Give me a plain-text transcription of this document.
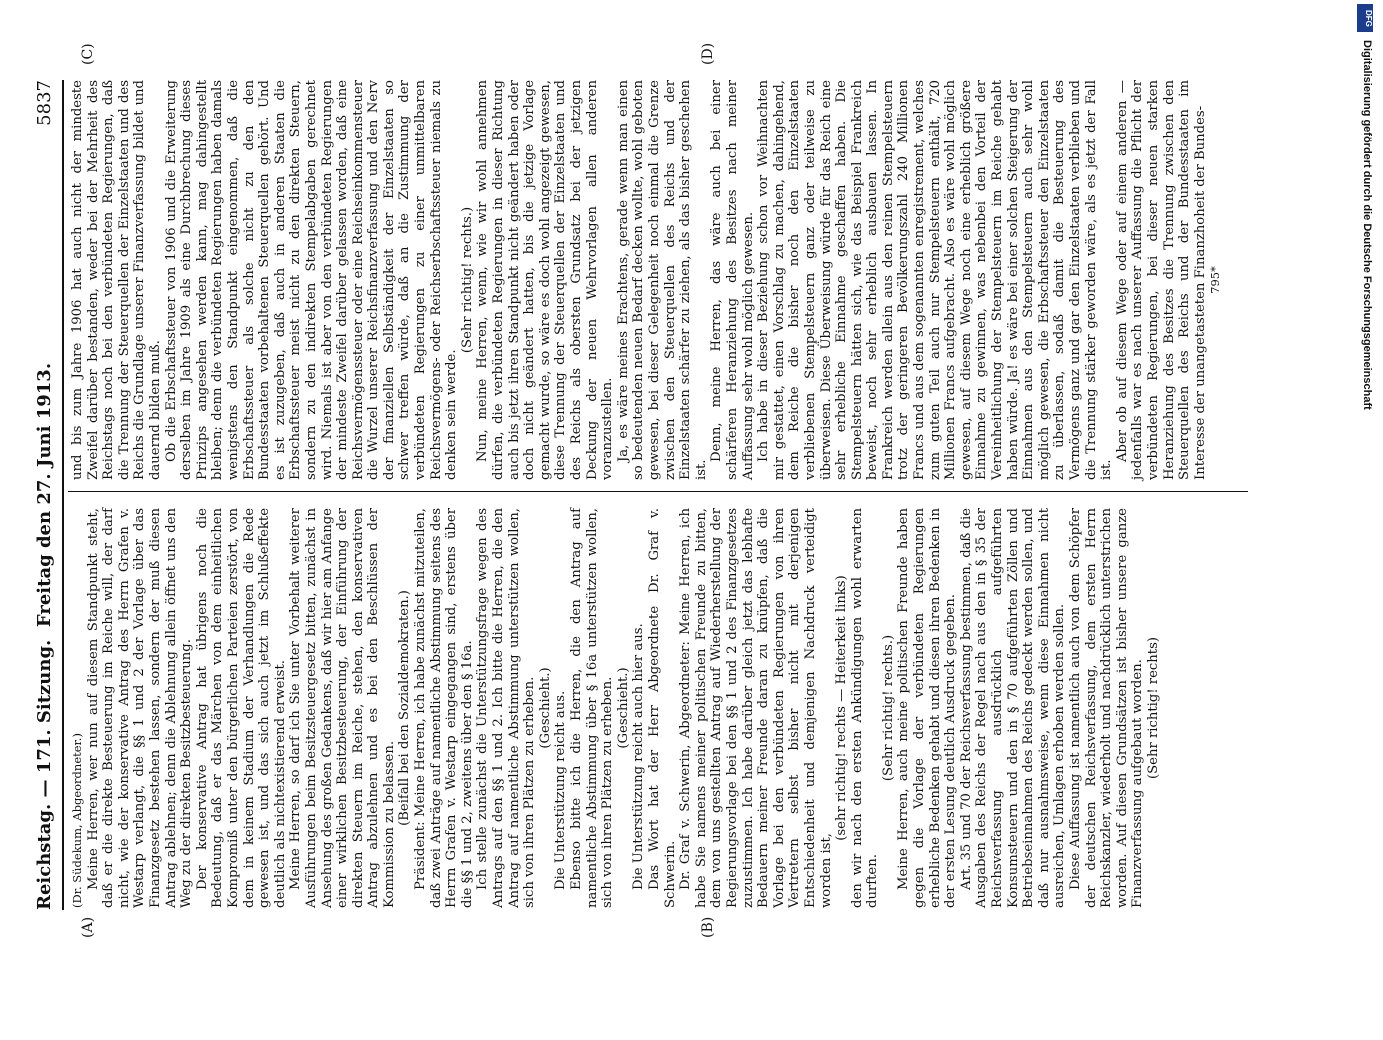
Reichstag. — 171. Sitzung.
Freitag den 27. Juni 1913.
5837
(A)	(B)
(C)	(D)

(Dr. Südekum, Abgeordneter.) Meine Herren, wer nun auf diesem Standpunkt steht, daß er die direkte Besteuerung im Reiche will, der darf nicht, wie der konservative Antrag des Herrn Grafen v. Westarp verlangt, die §§ 1 und 2 der Vorlage über das Finanzgesetz bestehen lassen, sondern der muß diesen Antrag ablehnen; denn die Ablehnung allein öffnet uns den Weg zu der direkten Besitzbesteuerung. Der konservative Antrag hat übrigens noch die Bedeutung, daß er das Märchen von dem einheitlichen Kompromiß unter den bürgerlichen Parteien zerstört, von dem in keinem Stadium der Verhandlungen die Rede gewesen ist, und das sich auch jetzt im Schlußeffekte deutlich als nichtexistierend erweist. Meine Herren, so darf ich Sie unter Vorbehalt weiterer Ausführungen beim Besitzsteuergesetz bitten, zunächst in Ansehung des großen Gedankens, daß wir hier am Anfange einer wirklichen Besitzbesteuerung, der Einführung der direkten Steuern im Reiche, stehen, den konservativen Antrag abzulehnen und es bei den Beschlüssen der Kommission zu belassen. (Beifall bei den Sozialdemokraten.) Präsident: Meine Herren, ich habe zunächst mitzuteilen, daß zwei Anträge auf namentliche Abstimmung seitens des Herrn Grafen v. Westarp eingegangen sind, erstens über die §§ 1 und 2, zweitens über den § 16a. Ich stelle zunächst die Unterstützungsfrage wegen des Antrags auf den §§ 1 und 2. Ich bitte die Herren, die den Antrag auf namentliche Abstimmung unterstützen wollen, sich von ihren Plätzen zu erheben. (Geschieht.) Die Unterstützung reicht aus. Ebenso bitte ich die Herren, die den Antrag auf namentliche Abstimmung über § 16a unterstützen wollen, sich von ihren Plätzen zu erheben. (Geschieht.) Die Unterstützung reicht auch hier aus. Das Wort hat der Herr Abgeordnete Dr. Graf v. Schwerin. Dr. Graf v. Schwerin, Abgeordneter: Meine Herren, ich habe Sie namens meiner politischen Freunde zu bitten, dem von uns gestellten Antrag auf Wiederherstellung der Regierungsvorlage bei den §§ 1 und 2 des Finanzgesetzes zuzustimmen. Ich habe darüber gleich jetzt das lebhafte Bedauern meiner Freunde daran zu knüpfen, daß die Vorlage bei den verbündeten Regierungen von ihren Vertretern selbst bisher nicht mit derjenigen Entschiedenheit und demjenigen Nachdruck verteidigt worden ist,

(sehr richtig! rechts — Heiterkeit links) den wir nach den ersten Ankündigungen wohl erwarten durften.

(Sehr richtig! rechts.) Meine Herren, auch meine politischen Freunde haben gegen die Vorlage der verbündeten Regierungen erhebliche Bedenken gehabt und diesen ihren Bedenken in der ersten Lesung deutlich Ausdruck gegeben. Art. 35 und 70 der Reichsverfassung bestimmen, daß die Ausgaben des Reichs der Regel nach aus den in § 35 der Reichsverfassung ausdrücklich aufgeführten Konsumsteuern und den in § 70 aufgeführten Zöllen und Betriebseinnahmen des Reichs gedeckt werden sollen, und daß nur ausnahmsweise, wenn diese Einnahmen nicht ausreichen, Umlagen erhoben werden sollen. Diese Auffassung ist namentlich auch von dem Schöpfer der deutschen Reichsverfassung, dem ersten Herrn Reichskanzler, wiederholt und nachdrücklich unterstrichen worden. Auf diesen Grundsätzen ist bisher unsere ganze Finanzverfassung aufgebaut worden. (Sehr richtig! rechts)

und bis zum Jahre 1906 hat auch nicht der mindeste Zweifel darüber bestanden, weder bei der Mehrheit des Reichstags noch bei den verbündeten Regierungen, daß die Trennung der Steuerquellen der Einzelstaaten und des Reichs die Grundlage unserer Finanzverfassung bildet und dauernd bilden muß. Ob die Erbschaftssteuer von 1906 und die Erweiterung derselben im Jahre 1909 als eine Durchbrechung dieses Prinzips angesehen werden kann, mag dahingestellt bleiben; denn die verbündeten Regierungen haben damals wenigstens den Standpunkt eingenommen, daß die Erbschaftssteuer als solche nicht zu den den Bundesstaaten vorbehaltenen Steuerquellen gehört. Und es ist zuzugeben, daß auch in anderen Staaten die Erbschaftssteuer meist nicht zu den direkten Steuern, sondern zu den indirekten Stempelabgaben gerechnet wird. Niemals ist aber von den verbündeten Regierungen der mindeste Zweifel darüber gelassen worden, daß eine Reichsvermögenssteuer oder eine Reichseinkommensteuer die Wurzel unserer Reichsfinanzverfassung und den Nerv der finanziellen Selbständigkeit der Einzelstaaten so schwer treffen würde, daß an die Zustimmung der verbündeten Regierungen zu einer unmittelbaren Reichsvermögens- oder Reichserbschaftssteuer niemals zu denken sein werde.

(Sehr richtig! rechts.) Nun, meine Herren, wenn, wie wir wohl annehmen dürfen, die verbündeten Regierungen in dieser Richtung auch bis jetzt ihren Standpunkt nicht geändert haben oder doch nicht geändert hatten, bis die jetzige Vorlage gemacht wurde, so wäre es doch wohl angezeigt gewesen, diese Trennung der Steuerquellen der Einzelstaaten und des Reichs als obersten Grundsatz bei der jetzigen Deckung der neuen Wehrvorlagen allen anderen voranzustellen. Ja, es wäre meines Erachtens, gerade wenn man einen so bedeutenden neuen Bedarf decken wollte, wohl geboten gewesen, bei dieser Gelegenheit noch einmal die Grenze zwischen den Steuerquellen des Reichs und der Einzelstaaten schärfer zu ziehen, als das bisher geschehen ist.

Denn, meine Herren, das wäre auch bei einer schärferen Heranziehung des Besitzes nach meiner Auffassung sehr wohl möglich gewesen. Ich habe in dieser Beziehung schon vor Weihnachten mir gestattet, einen Vorschlag zu machen, dahingehend, dem Reiche die bisher noch den Einzelstaaten verbliebenen Stempelsteuern ganz oder teilweise zu überweisen. Diese Überweisung würde für das Reich eine sehr erhebliche Einnahme geschaffen haben. Die Stempelsteuern hätten sich, wie das Beispiel Frankreich beweist, noch sehr erheblich ausbauen lassen. In Frankreich werden allein aus den reinen Stempelsteuern trotz der geringeren Bevölkerungszahl 240 Millionen Francs und aus dem sogenannten enregistrement, welches zum guten Teil auch nur Stempelsteuern enthält, 720 Millionen Francs aufgebracht. Also es wäre wohl möglich gewesen, auf diesem Wege noch eine erheblich größere Einnahme zu gewinnen, was nebenbei den Vorteil der Vereinheitlichung der Stempelsteuern im Reiche gehabt haben würde. Ja! es wäre bei einer solchen Steigerung der Einnahmen aus den Stempelsteuern auch sehr wohl möglich gewesen, die Erbschaftssteuer den Einzelstaaten zu überlassen, sodaß damit die Besteuerung des Vermögens ganz und gar den Einzelstaaten verblieben und die Trennung stärker geworden wäre, als es jetzt der Fall ist.

Aber ob auf diesem Wege oder auf einem anderen — jedenfalls war es nach unserer Auffassung die Pflicht der verbündeten Regierungen, bei dieser neuen starken Heranziehung des Besitzes die Trennung zwischen den Steuerquellen des Reichs und der Bundesstaaten im Interesse der unangetasteten Finanzhoheit der Bundes- 795*

DFG
Digitalisierung gefördert durch die Deutsche Forschungsgemeinschaft
